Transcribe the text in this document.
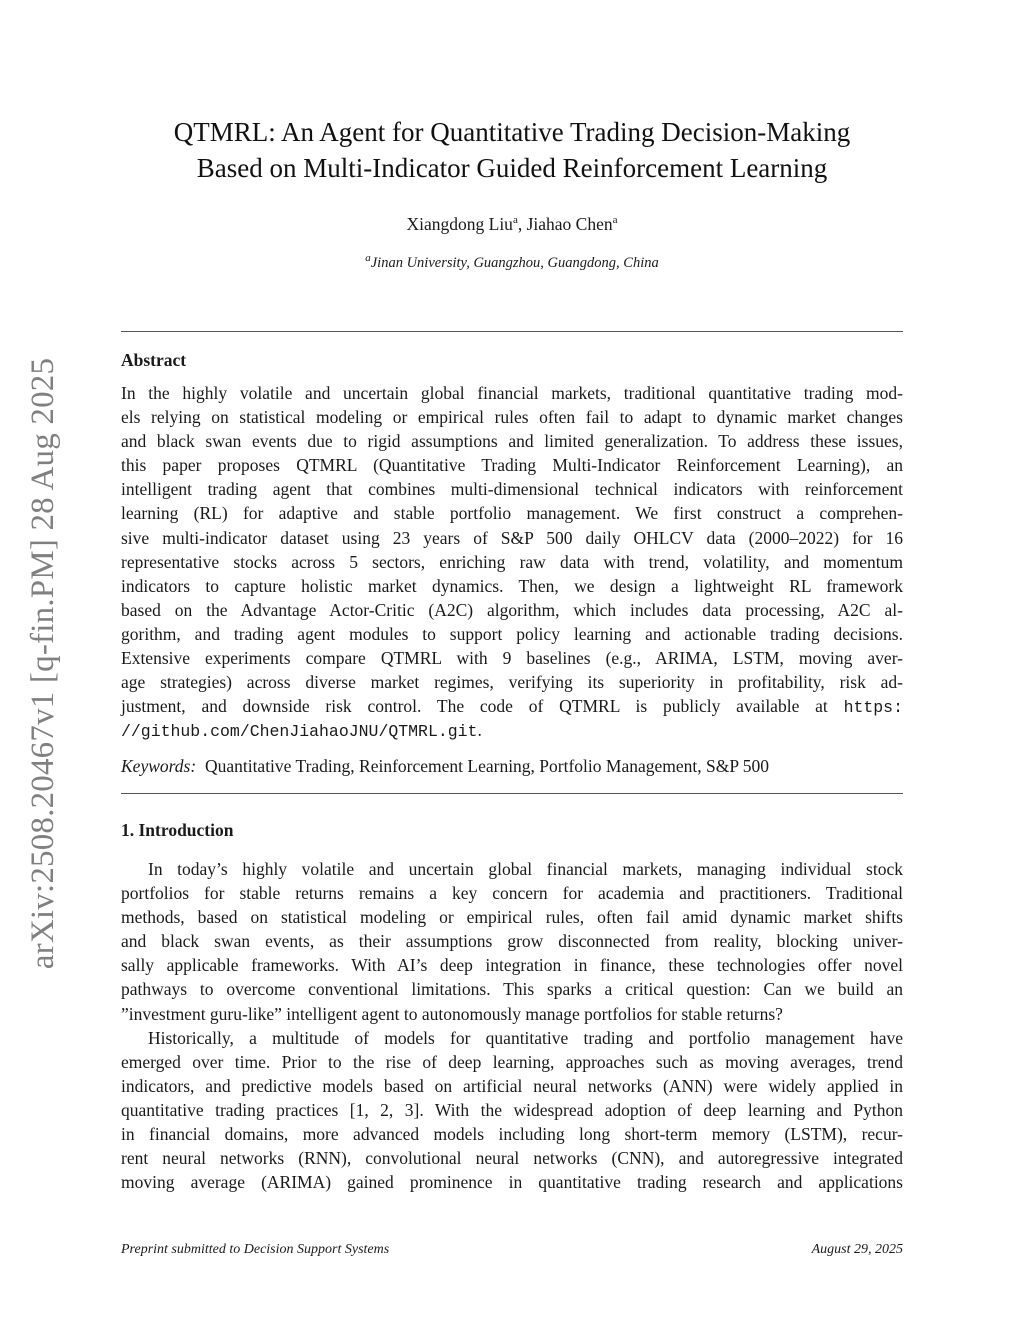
arXiv:2508.20467v1 [q-fin.PM] 28 Aug 2025
QTMRL: An Agent for Quantitative Trading Decision-Making
Based on Multi-Indicator Guided Reinforcement Learning
Xiangdong Liu$^a$, Jiahao Chen$^a$
$^a$Jinan University, Guangzhou, Guangdong, China
Abstract
In the highly volatile and uncertain global financial markets, traditional quantitative trading mod-
els relying on statistical modeling or empirical rules often fail to adapt to dynamic market changes
and black swan events due to rigid assumptions and limited generalization. To address these issues,
this paper proposes QTMRL (Quantitative Trading Multi-Indicator Reinforcement Learning), an
intelligent trading agent that combines multi-dimensional technical indicators with reinforcement
learning (RL) for adaptive and stable portfolio management. We first construct a comprehen-
sive multi-indicator dataset using 23 years of S&P 500 daily OHLCV data (2000–2022) for 16
representative stocks across 5 sectors, enriching raw data with trend, volatility, and momentum
indicators to capture holistic market dynamics. Then, we design a lightweight RL framework
based on the Advantage Actor-Critic (A2C) algorithm, which includes data processing, A2C al-
gorithm, and trading agent modules to support policy learning and actionable trading decisions.
Extensive experiments compare QTMRL with 9 baselines (e.g., ARIMA, LSTM, moving aver-
age strategies) across diverse market regimes, verifying its superiority in profitability, risk ad-
justment, and downside risk control. The code of QTMRL is publicly available at https:
//github.com/ChenJiahaoJNU/QTMRL.git.
Keywords: Quantitative Trading, Reinforcement Learning, Portfolio Management, S&P 500
1. Introduction
In today’s highly volatile and uncertain global financial markets, managing individual stock
portfolios for stable returns remains a key concern for academia and practitioners. Traditional
methods, based on statistical modeling or empirical rules, often fail amid dynamic market shifts
and black swan events, as their assumptions grow disconnected from reality, blocking univer-
sally applicable frameworks. With AI’s deep integration in finance, these technologies offer novel
pathways to overcome conventional limitations. This sparks a critical question: Can we build an
”investment guru-like” intelligent agent to autonomously manage portfolios for stable returns?
Historically, a multitude of models for quantitative trading and portfolio management have
emerged over time. Prior to the rise of deep learning, approaches such as moving averages, trend
indicators, and predictive models based on artificial neural networks (ANN) were widely applied in
quantitative trading practices [1, 2, 3]. With the widespread adoption of deep learning and Python
in financial domains, more advanced models including long short-term memory (LSTM), recur-
rent neural networks (RNN), convolutional neural networks (CNN), and autoregressive integrated
moving average (ARIMA) gained prominence in quantitative trading research and applications
Preprint submitted to Decision Support Systems	August 29, 2025
